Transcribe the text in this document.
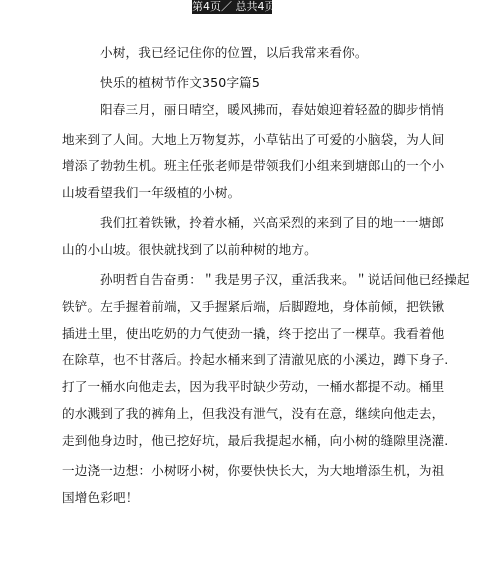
第4页／ 总共4页
小树，我已经记住你的位置，以后我常来看你。
快乐的植树节作文350字篇5
阳春三月，丽日晴空，暖风拂而，春姑娘迎着轻盈的脚步悄悄
地来到了人间。大地上万物复苏，小草钻出了可爱的小脑袋，为人间
增添了勃勃生机。班主任张老师是带领我们小组来到塘郎山的一个小
山坡看望我们一年级植的小树。
我们扛着铁锹，拎着水桶，兴高采烈的来到了目的地一一塘郎
山的小山坡。很快就找到了以前种树的地方。
孙明哲自告奋勇：＂我是男子汉，重活我来。＂说话间他已经操起
铁铲。左手握着前端，又手握紧后端，后脚蹬地，身体前倾，把铁锹
插进土里，使出吃奶的力气使劲一撬，终于挖出了一棵草。我看着他
在除草，也不甘落后。拎起水桶来到了清澈见底的小溪边，蹲下身子.
打了一桶水向他走去，因为我平时缺少劳动，一桶水都提不动。桶里
的水溅到了我的裤角上，但我没有泄气，没有在意，继续向他走去，
走到他身边时，他已挖好坑，最后我提起水桶，向小树的缝隙里浇灌.
一边浇一边想：小树呀小树，你要快快长大，为大地增添生机，为祖
国增色彩吧！
